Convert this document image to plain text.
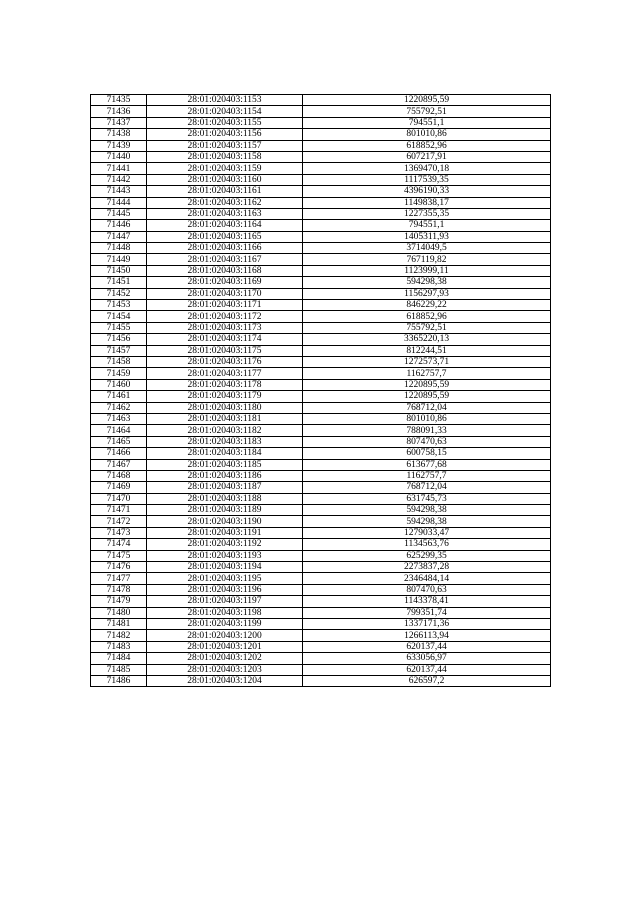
71435	28:01:020403:1153	1220895,59
71436	28:01:020403:1154	755792,51
71437	28:01:020403:1155	794551,1
71438	28:01:020403:1156	801010,86
71439	28:01:020403:1157	618852,96
71440	28:01:020403:1158	607217,91
71441	28:01:020403:1159	1369470,18
71442	28:01:020403:1160	1117539,35
71443	28:01:020403:1161	4396190,33
71444	28:01:020403:1162	1149838,17
71445	28:01:020403:1163	1227355,35
71446	28:01:020403:1164	794551,1
71447	28:01:020403:1165	1405311,93
71448	28:01:020403:1166	3714049,5
71449	28:01:020403:1167	767119,82
71450	28:01:020403:1168	1123999,11
71451	28:01:020403:1169	594298,38
71452	28:01:020403:1170	1156297,93
71453	28:01:020403:1171	846229,22
71454	28:01:020403:1172	618852,96
71455	28:01:020403:1173	755792,51
71456	28:01:020403:1174	3365220,13
71457	28:01:020403:1175	812244,51
71458	28:01:020403:1176	1272573,71
71459	28:01:020403:1177	1162757,7
71460	28:01:020403:1178	1220895,59
71461	28:01:020403:1179	1220895,59
71462	28:01:020403:1180	768712,04
71463	28:01:020403:1181	801010,86
71464	28:01:020403:1182	788091,33
71465	28:01:020403:1183	807470,63
71466	28:01:020403:1184	600758,15
71467	28:01:020403:1185	613677,68
71468	28:01:020403:1186	1162757,7
71469	28:01:020403:1187	768712,04
71470	28:01:020403:1188	631745,73
71471	28:01:020403:1189	594298,38
71472	28:01:020403:1190	594298,38
71473	28:01:020403:1191	1279033,47
71474	28:01:020403:1192	1134563,76
71475	28:01:020403:1193	625299,35
71476	28:01:020403:1194	2273837,28
71477	28:01:020403:1195	2346484,14
71478	28:01:020403:1196	807470,63
71479	28:01:020403:1197	1143378,41
71480	28:01:020403:1198	799351,74
71481	28:01:020403:1199	1337171,36
71482	28:01:020403:1200	1266113,94
71483	28:01:020403:1201	620137,44
71484	28:01:020403:1202	633056,97
71485	28:01:020403:1203	620137,44
71486	28:01:020403:1204	626597,2
